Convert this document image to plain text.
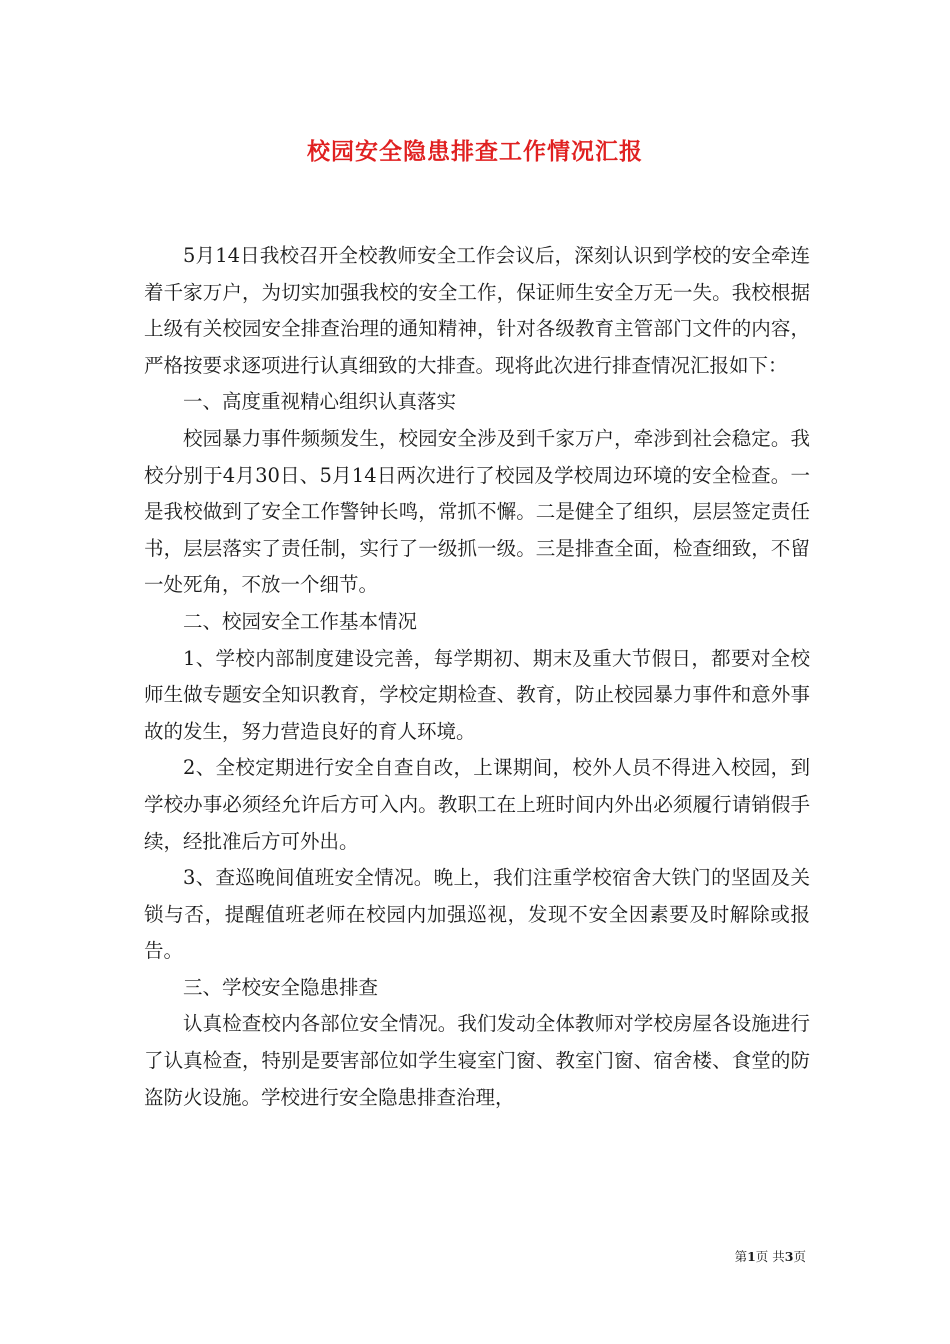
校园安全隐患排查工作情况汇报

5月14日我校召开全校教师安全工作会议后，深刻认识到学校的安全牵连着千家万户，为切实加强我校的安全工作，保证师生安全万无一失。我校根据上级有关校园安全排查治理的通知精神，针对各级教育主管部门文件的内容，严格按要求逐项进行认真细致的大排查。现将此次进行排查情况汇报如下：

一、高度重视精心组织认真落实

校园暴力事件频频发生，校园安全涉及到千家万户，牵涉到社会稳定。我校分别于4月30日、5月14日两次进行了校园及学校周边环境的安全检查。一是我校做到了安全工作警钟长鸣，常抓不懈。二是健全了组织，层层签定责任书，层层落实了责任制，实行了一级抓一级。三是排查全面，检查细致，不留一处死角，不放一个细节。

二、校园安全工作基本情况

1、学校内部制度建设完善，每学期初、期末及重大节假日，都要对全校师生做专题安全知识教育，学校定期检查、教育，防止校园暴力事件和意外事故的发生，努力营造良好的育人环境。

2、全校定期进行安全自查自改，上课期间，校外人员不得进入校园，到学校办事必须经允许后方可入内。教职工在上班时间内外出必须履行请销假手续，经批准后方可外出。

3、查巡晚间值班安全情况。晚上，我们注重学校宿舍大铁门的坚固及关锁与否，提醒值班老师在校园内加强巡视，发现不安全因素要及时解除或报告。

三、学校安全隐患排查

认真检查校内各部位安全情况。我们发动全体教师对学校房屋各设施进行了认真检查，特别是要害部位如学生寝室门窗、教室门窗、宿舍楼、食堂的防盗防火设施。学校进行安全隐患排查治理，

第1页 共3页
